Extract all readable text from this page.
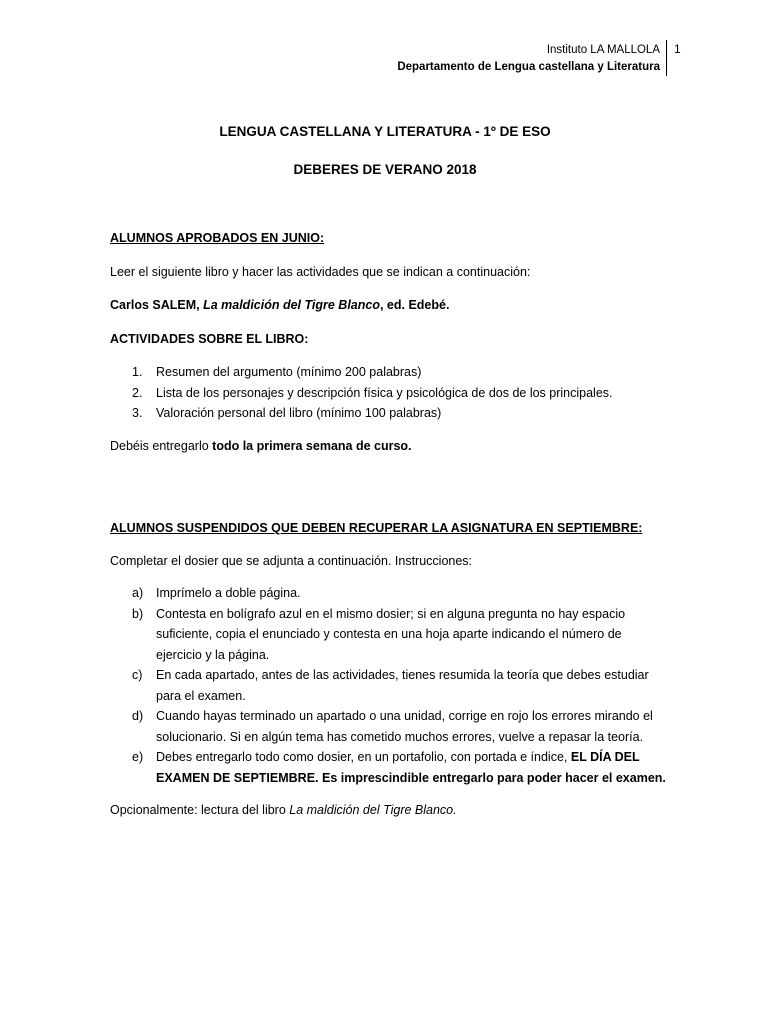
Instituto LA MALLOLA
Departamento de Lengua castellana y Literatura
1
LENGUA CASTELLANA Y LITERATURA - 1º DE ESO
DEBERES DE VERANO 2018

ALUMNOS APROBADOS EN JUNIO:

Leer el siguiente libro y hacer las actividades que se indican a continuación:

Carlos SALEM, La maldición del Tigre Blanco, ed. Edebé.

ACTIVIDADES SOBRE EL LIBRO:

1.	Resumen del argumento (mínimo 200 palabras)
2.	Lista de los personajes y descripción física y psicológica de dos de los principales.
3.	Valoración personal del libro (mínimo 100 palabras)

Debéis entregarlo todo la primera semana de curso.

ALUMNOS SUSPENDIDOS QUE DEBEN RECUPERAR LA ASIGNATURA EN SEPTIEMBRE:

Completar el dosier que se adjunta a continuación. Instrucciones:

a)	Imprímelo a doble página.
b)	Contesta en bolígrafo azul en el mismo dosier; si en alguna pregunta no hay espacio suficiente, copia el enunciado y contesta en una hoja aparte indicando el número de ejercicio y la página.
c)	En cada apartado, antes de las actividades, tienes resumida la teoría que debes estudiar para el examen.
d)	Cuando hayas terminado un apartado o una unidad, corrige en rojo los errores mirando el solucionario. Si en algún tema has cometido muchos errores, vuelve a repasar la teoría.
e)	Debes entregarlo todo como dosier, en un portafolio, con portada e índice, EL DÍA DEL EXAMEN DE SEPTIEMBRE. Es imprescindible entregarlo para poder hacer el examen.

Opcionalmente: lectura del libro La maldición del Tigre Blanco.
